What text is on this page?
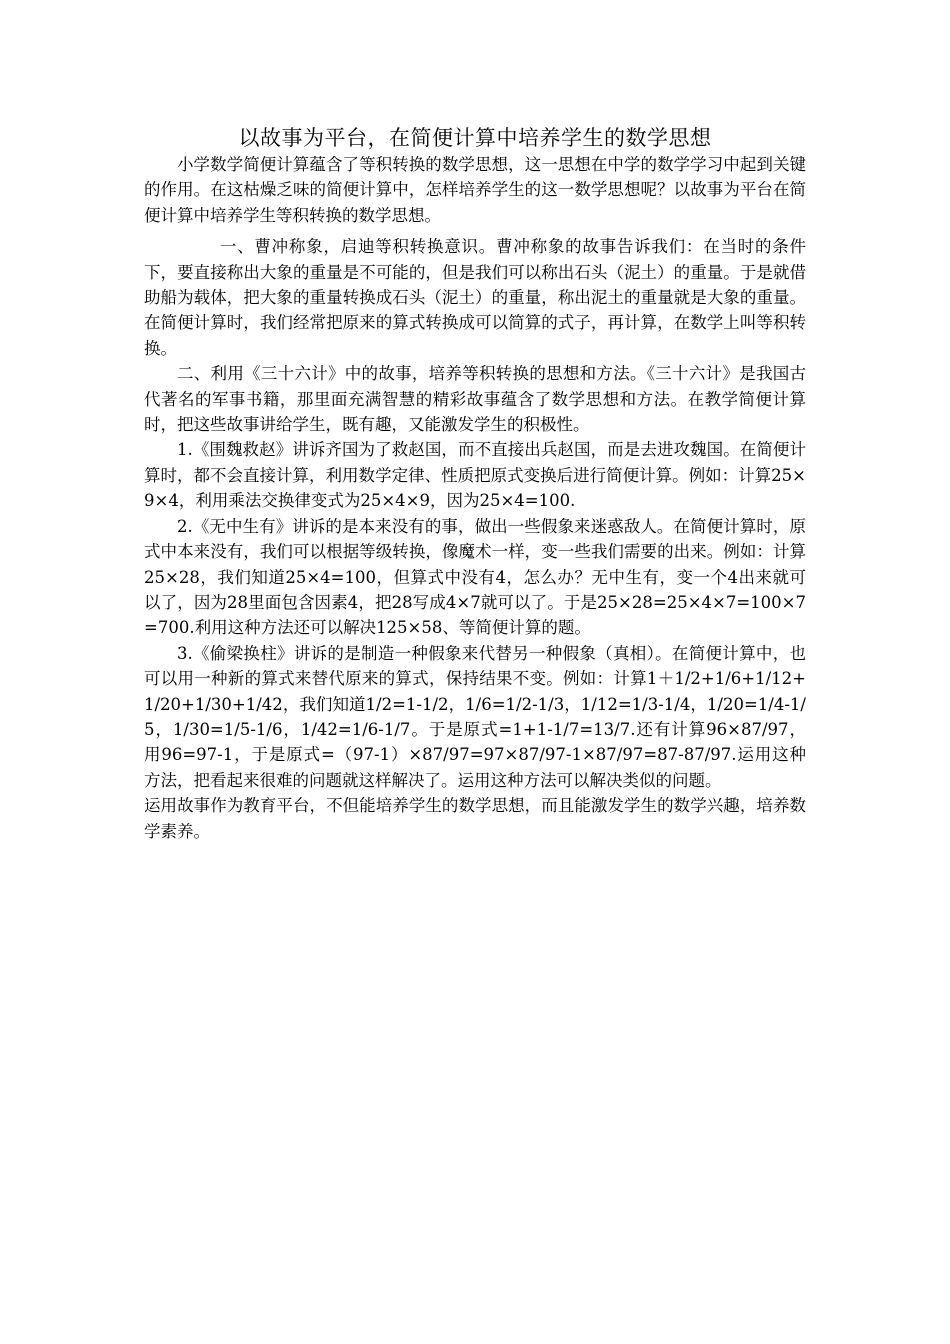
以故事为平台，在简便计算中培养学生的数学思想

小学数学简便计算蕴含了等积转换的数学思想，这一思想在中学的数学学习中起到关键的作用。在这枯燥乏味的简便计算中，怎样培养学生的这一数学思想呢？以故事为平台在简便计算中培养学生等积转换的数学思想。

一、曹冲称象，启迪等积转换意识。曹冲称象的故事告诉我们：在当时的条件下，要直接称出大象的重量是不可能的，但是我们可以称出石头（泥土）的重量。于是就借助船为载体，把大象的重量转换成石头（泥土）的重量，称出泥土的重量就是大象的重量。在简便计算时，我们经常把原来的算式转换成可以简算的式子，再计算，在数学上叫等积转换。

二、利用《三十六计》中的故事，培养等积转换的思想和方法。《三十六计》是我国古代著名的军事书籍，那里面充满智慧的精彩故事蕴含了数学思想和方法。在教学简便计算时，把这些故事讲给学生，既有趣，又能激发学生的积极性。

1.《围魏救赵》讲诉齐国为了救赵国，而不直接出兵赵国，而是去进攻魏国。在简便计算时，都不会直接计算，利用数学定律、性质把原式变换后进行简便计算。例如：计算25×9×4，利用乘法交换律变式为25×4×9，因为25×4=100.

2.《无中生有》讲诉的是本来没有的事，做出一些假象来迷惑敌人。在简便计算时，原式中本来没有，我们可以根据等级转换，像魔术一样，变一些我们需要的出来。例如：计算25×28，我们知道25×4=100，但算式中没有4，怎么办？无中生有，变一个4出来就可以了，因为28里面包含因素4，把28写成4×7就可以了。于是25×28=25×4×7=100×7=700.利用这种方法还可以解决125×58、等简便计算的题。

3.《偷梁换柱》讲诉的是制造一种假象来代替另一种假象（真相）。在简便计算中，也可以用一种新的算式来替代原来的算式，保持结果不变。例如：计算1＋1/2+1/6+1/12+1/20+1/30+1/42，我们知道1/2=1-1/2，1/6=1/2-1/3，1/12=1/3-1/4，1/20=1/4-1/5，1/30=1/5-1/6，1/42=1/6-1/7。于是原式=1+1-1/7=13/7.还有计算96×87/97，用96=97-1，于是原式=（97-1）×87/97=97×87/97-1×87/97=87-87/97.运用这种方法，把看起来很难的问题就这样解决了。运用这种方法可以解决类似的问题。

运用故事作为教育平台，不但能培养学生的数学思想，而且能激发学生的数学兴趣，培养数学素养。
